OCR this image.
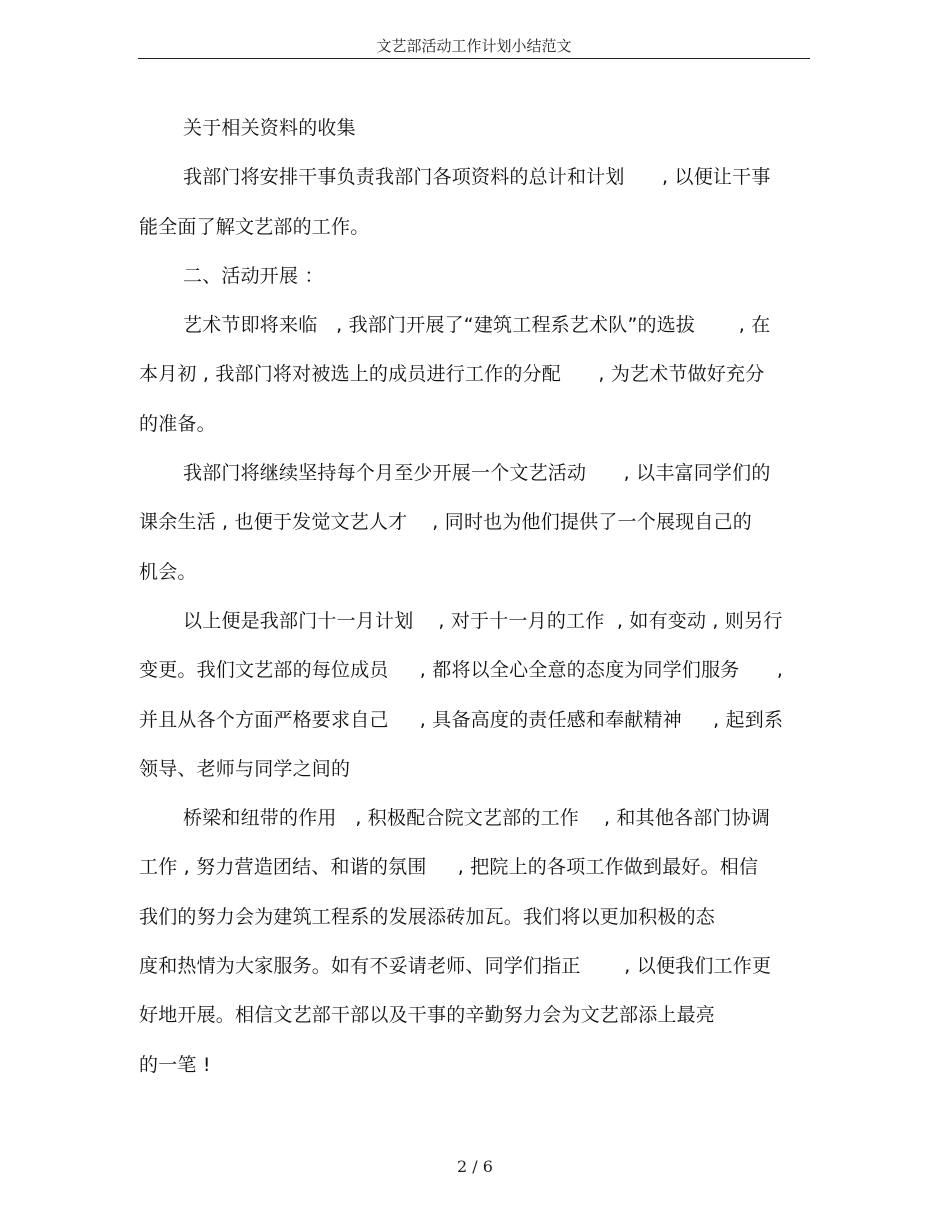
文艺部活动工作计划小结范文
关于相关资料的收集
我部门将安排干事负责我部门各项资料的总计和计划      , 以便让干事
能全面了解文艺部的工作。
二、活动开展 ：
艺术节即将来临   , 我部门开展了“建筑工程系艺术队”的选拔       , 在
本月初 , 我部门将对被选上的成员进行工作的分配      , 为艺术节做好充分
的准备。
我部门将继续坚持每个月至少开展一个文艺活动      , 以丰富同学们的
课余生活 , 也便于发觉文艺人才    , 同时也为他们提供了一个展现自己的
机会。
以上便是我部门十一月计划    , 对于十一月的工作  , 如有变动 , 则另行
变更。我们文艺部的每位成员     , 都将以全心全意的态度为同学们服务      ,
并且从各个方面严格要求自己     , 具备高度的责任感和奉献精神     , 起到系
领导、老师与同学之间的
桥梁和纽带的作用   , 积极配合院文艺部的工作    , 和其他各部门协调
工作 , 努力营造团结、和谐的氛围     , 把院上的各项工作做到最好。相信
我们的努力会为建筑工程系的发展添砖加瓦。我们将以更加积极的态
度和热情为大家服务。如有不妥请老师、同学们指正       , 以便我们工作更
好地开展。相信文艺部干部以及干事的辛勤努力会为文艺部添上最亮
的一笔 !
2 / 6
